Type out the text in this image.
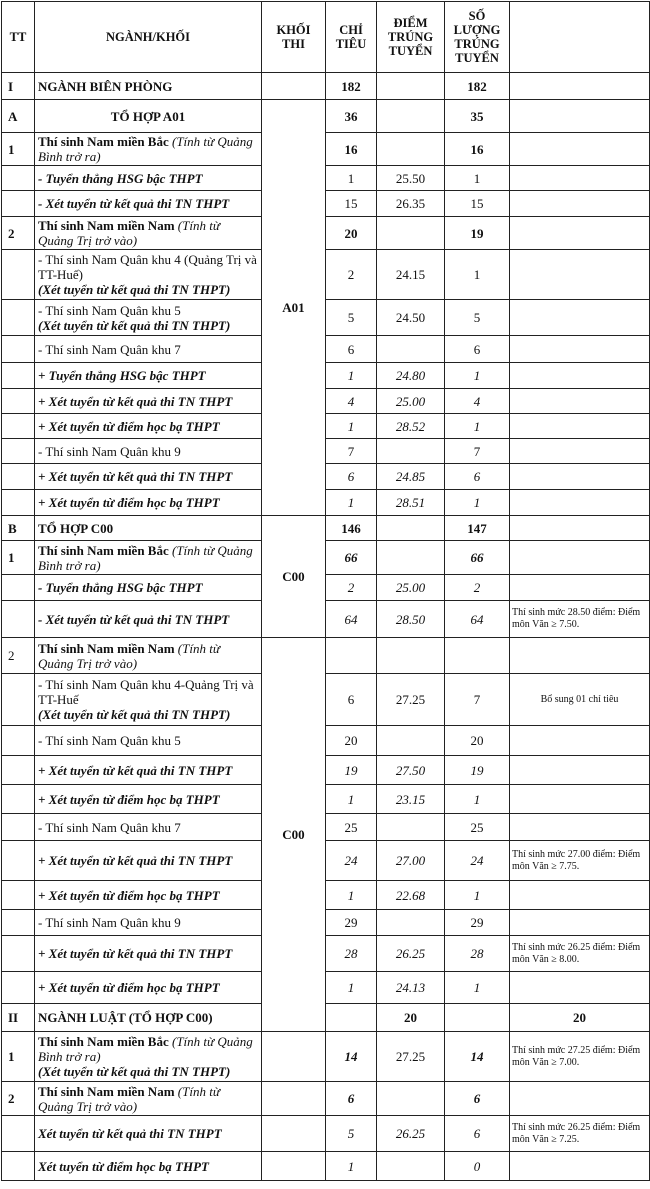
TT	NGÀNH/KHỐI	KHỐI THI	CHỈ TIÊU	ĐIỂM TRÚNG TUYỂN	SỐ LƯỢNG TRÚNG TUYỂN		
I	NGÀNH BIÊN PHÒNG		182		182		
A	TỔ HỢP A01	A01	36		35		
1	Thí sinh Nam miền Bắc (Tính từ Quảng Bình trở ra)		16		16		
	- Tuyển thẳng HSG bậc THPT		1	25.50	1		
	- Xét tuyển từ kết quả thi TN THPT		15	26.35	15		
2	Thí sinh Nam miền Nam (Tính từ Quảng Trị trở vào)		20		19		
	- Thí sinh Nam Quân khu 4 (Quảng Trị và TT-Huế)
(Xét tuyển từ kết quả thi TN THPT)		2	24.15	1		
	- Thí sinh Nam Quân khu 5
(Xét tuyển từ kết quả thi TN THPT)		5	24.50	5		
	- Thí sinh Nam Quân khu 7		6		6		
	+ Tuyển thẳng HSG bậc THPT		1	24.80	1		
	+ Xét tuyển từ kết quả thi TN THPT		4	25.00	4		
	+ Xét tuyển từ điểm học bạ THPT		1	28.52	1		
	- Thí sinh Nam Quân khu 9		7		7		
	+ Xét tuyển từ kết quả thi TN THPT		6	24.85	6		
	+ Xét tuyển từ điểm học bạ THPT		1	28.51	1		
B	TỔ HỢP C00	C00	146		147		
1	Thí sinh Nam miền Bắc (Tính từ Quảng Bình trở ra)		66		66		
	- Tuyển thẳng HSG bậc THPT		2	25.00	2		
	- Xét tuyển từ kết quả thi TN THPT		64	28.50	64	Thí sinh mức 28.50 điểm: Điểm môn Văn ≥ 7.50.	
2	Thí sinh Nam miền Nam (Tính từ Quảng Trị trở vào)	C00					
	- Thí sinh Nam Quân khu 4-Quảng Trị và TT-Huế
(Xét tuyển từ kết quả thi TN THPT)		6	27.25	7	Bổ sung 01 chỉ tiêu	
	- Thí sinh Nam Quân khu 5		20		20		
	+ Xét tuyển từ kết quả thi TN THPT		19	27.50	19		
	+ Xét tuyển từ điểm học bạ THPT		1	23.15	1		
	- Thí sinh Nam Quân khu 7		25		25		
	+ Xét tuyển từ kết quả thi TN THPT		24	27.00	24	Thí sinh mức 27.00 điểm: Điểm môn Văn ≥ 7.75.	
	+ Xét tuyển từ điểm học bạ THPT		1	22.68	1		
	- Thí sinh Nam Quân khu 9		29		29		
	+ Xét tuyển từ kết quả thi TN THPT		28	26.25	28	Thí sinh mức 26.25 điểm: Điểm môn Văn ≥ 8.00.	
	+ Xét tuyển từ điểm học bạ THPT		1	24.13	1		
II	NGÀNH LUẬT (TỔ HỢP C00)			20		20	
1	Thí sinh Nam miền Bắc (Tính từ Quảng Bình trở ra)
(Xét tuyển từ kết quả thi TN THPT)		14	27.25	14	Thí sinh mức 27.25 điểm: Điểm môn Văn ≥ 7.00.	
2	Thí sinh Nam miền Nam (Tính từ Quảng Trị trở vào)		6		6		
	Xét tuyển từ kết quả thi TN THPT		5	26.25	6	Thí sinh mức 26.25 điểm: Điểm môn Văn ≥ 7.25.	
	Xét tuyển từ điểm học bạ THPT		1		0		
